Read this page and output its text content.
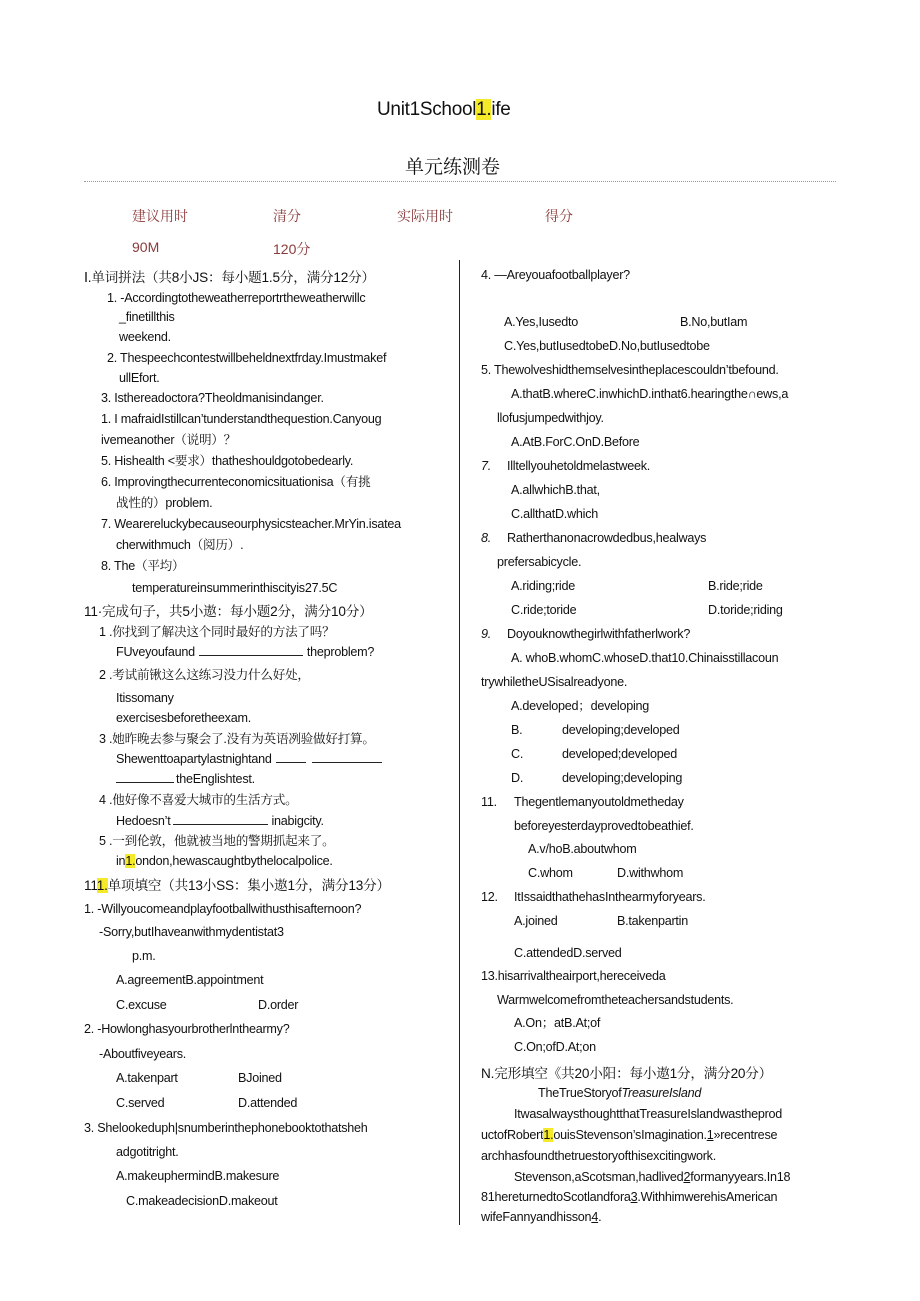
Unit1School1.ife
单元练测卷
建议用时	清分	实际用时	得分
90M	120分
Ⅰ.单词拼法（共8小JS：每小题1.5分，满分12分）
1. -Accordingtotheweatherreportrtheweatherwillc
_finetillthis
weekend.
2. Thespeechcontestwillbeheldnextfrday.Imustmakef
ullEfort.
3. Isthereadoctora?Theoldmanisindanger.
1. I mafraidIstillcan’tunderstandthequestion.Canyoug
ivemeanother（说明）？
5. Hishealth <要求）thatheshouldgotobedearly.
6. Improvingthecurrenteconomicsituationisa（有挑
战性的）problem.
7. Wearereluckybecauseourphysicsteacher.MrYin.isatea
cherwithmuch（阅历）.
8. The（平均）
temperatureinsummerinthiscityis27.5C
11·完成句子，共5小遨：每小题2分，满分10分）
1 .你找到了解决这个同时最好的方法了吗？
FUveyoufaund	theproblem?
2 .考试前锹这么这练习没力什么好处，
Itissomany
exercisesbeforetheexam.
3 .她昨晚去参与聚会了.没有为英语冽验做好打算。
Shewenttoapartylastnightand
theEnglishtest.
4 .他好像不喜爱大城市的生活方式。
Hedoesn’t	inabigcity.
5 .一到伦敦，他就被当地的警期抓起来了。
in1.ondon,hewascaughtbythelocalpolice.
111.单项填空（共13小SS：集小遨1分，满分13分）
1. -Willyoucomeandplayfootballwithusthisafternoon?
-Sorry,butIhaveanwithmydentistat3
p.m.
A.agreementB.appointment
C.excuse	D.order
2. -Howlonghasyourbrotherlnthearmy?
-Aboutfiveyears.
A.takenpart	BJoined
C.served	D.attended
3. Shelookeduph|snumberinthephonebooktothatsheh
adgotitright.
A.makeuphermindB.makesure
C.makeadecisionD.makeout
4. —Areyouafootballplayer?
A.Yes,Iusedto	B.No,butIam
C.Yes,butIusedtobeD.No,butIusedtobe
5. Thewolveshidthemselvesintheplacescouldn’tbefound.
A.thatB.whereC.inwhichD.inthat6.hearingthe∩ews,a
llofusjumpedwithjoy.
A.AtB.ForC.OnD.Before
7. Illtellyouhetoldmelastweek.
A.allwhichB.that,
C.allthatD.which
8. Ratherthanonacrowdedbus,healways
prefersabicycle.
A.riding;ride	B.ride;ride
C.ride;toride	D.toride;riding
9. Doyouknowthegirlwithfatherlwork?
A. whoB.whomC.whoseD.that10.Chinaisstillacoun
trywhiletheUSisalreadyone.
A.developed；developing
B.	developing;developed
C.	developed;developed
D.	developing;developing
11. Thegentlemanyoutoldmetheday
beforeyesterdayprovedtobeathief.
A.v/hoB.aboutwhom
C.whom	D.withwhom
12. ItIssaidthathehasInthearmyforyears.
A.joined	B.takenpartin
C.attendedD.served
13.hisarrivaltheairport,hereceiveda
Warmwelcomefromtheteachersandstudents.
A.On；atB.At;of
C.On;ofD.At;on
N.完形填空《共20小阳：每小遨1分，满分20分）
TheTrueStoryofTreasureIsland
ItwasalwaysthoughtthatTreasureIslandwastheprod
uctofRobert1.ouisStevenson’sImagination.1»recentrese
archhasfoundthetruestoryofthisexcitingwork.
Stevenson,aScotsman,hadlived2formanyyears.In18
81hereturnedtoScotlandfora3.WithhimwerehisAmerican
wifeFannyandhisson4.
